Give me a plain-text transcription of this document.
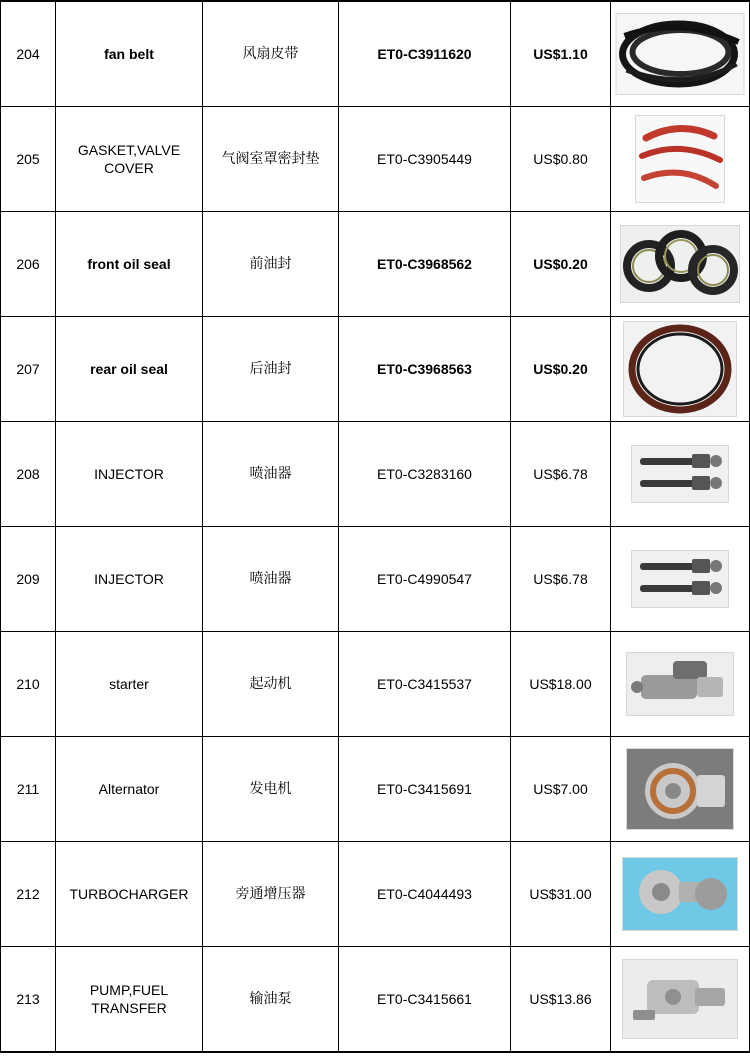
204	fan belt	风扇皮带	ET0-C3911620	US$1.10	

205	GASKET,VALVE COVER	气阀室罩密封垫	ET0-C3905449	US$0.80	

206	front oil seal	前油封	ET0-C3968562	US$0.20	

207	rear oil seal	后油封	ET0-C3968563	US$0.20	

208	INJECTOR	喷油器	ET0-C3283160	US$6.78	

209	INJECTOR	喷油器	ET0-C4990547	US$6.78	

210	starter	起动机	ET0-C3415537	US$18.00	

211	Alternator	发电机	ET0-C3415691	US$7.00	

212	TURBOCHARGER	旁通增压器	ET0-C4044493	US$31.00	

213	PUMP,FUEL TRANSFER	输油泵	ET0-C3415661	US$13.86	
